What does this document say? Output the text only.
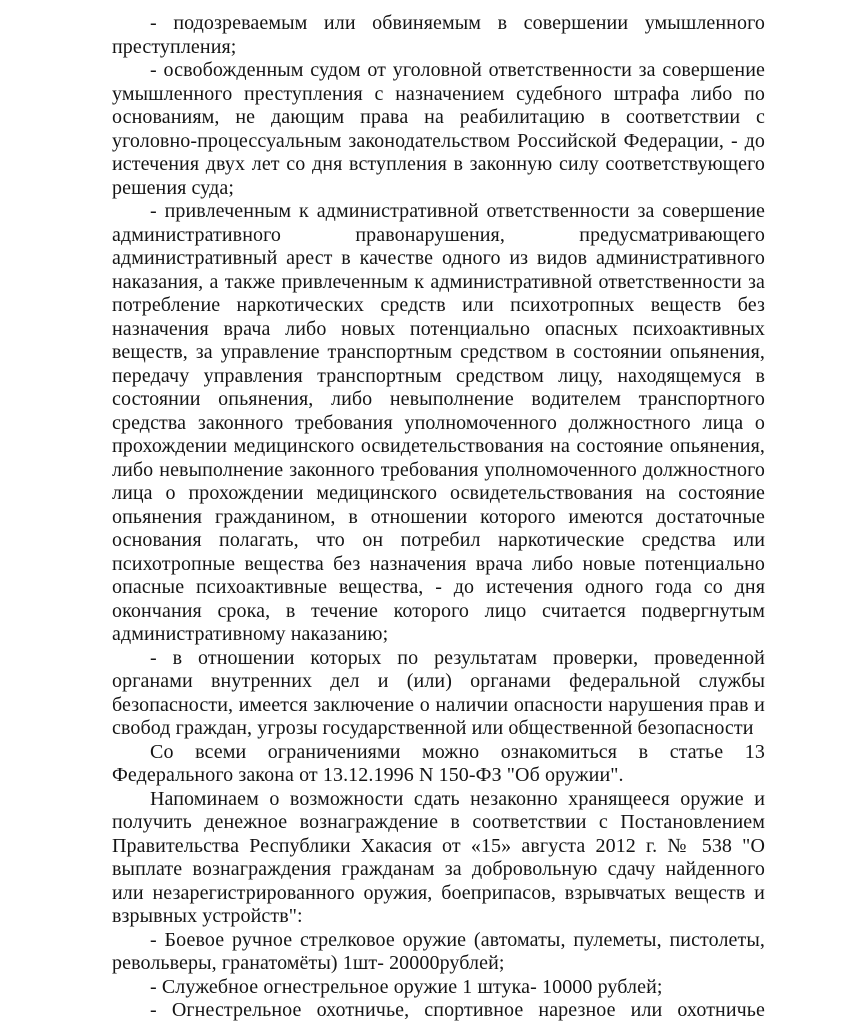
- подозреваемым или обвиняемым в совершении умышленного
преступления;
- освобожденным судом от уголовной ответственности за совершение
умышленного преступления с назначением судебного штрафа либо по
основаниям, не дающим права на реабилитацию в соответствии с
уголовно-процессуальным законодательством Российской Федерации, - до
истечения двух лет со дня вступления в законную силу соответствующего
решения суда;
- привлеченным к административной ответственности за совершение
административного правонарушения, предусматривающего
административный арест в качестве одного из видов административного
наказания, а также привлеченным к административной ответственности за
потребление наркотических средств или психотропных веществ без
назначения врача либо новых потенциально опасных психоактивных
веществ, за управление транспортным средством в состоянии опьянения,
передачу управления транспортным средством лицу, находящемуся в
состоянии опьянения, либо невыполнение водителем транспортного
средства законного требования уполномоченного должностного лица о
прохождении медицинского освидетельствования на состояние опьянения,
либо невыполнение законного требования уполномоченного должностного
лица о прохождении медицинского освидетельствования на состояние
опьянения гражданином, в отношении которого имеются достаточные
основания полагать, что он потребил наркотические средства или
психотропные вещества без назначения врача либо новые потенциально
опасные психоактивные вещества, - до истечения одного года со дня
окончания срока, в течение которого лицо считается подвергнутым
административному наказанию;
- в отношении которых по результатам проверки, проведенной
органами внутренних дел и (или) органами федеральной службы
безопасности, имеется заключение о наличии опасности нарушения прав и
свобод граждан, угрозы государственной или общественной безопасности
Со всеми ограничениями можно ознакомиться в статье 13
Федерального закона от 13.12.1996 N 150-ФЗ "Об оружии".
Напоминаем о возможности сдать незаконно хранящееся оружие и
получить денежное вознаграждение в соответствии с Постановлением
Правительства Республики Хакасия от «15» августа 2012 г. № 538 "О
выплате вознаграждения гражданам за добровольную сдачу найденного
или незарегистрированного оружия, боеприпасов, взрывчатых веществ и
взрывных устройств":
- Боевое ручное стрелковое оружие (автоматы, пулеметы, пистолеты,
револьверы, гранатомёты) 1шт- 20000рублей;
- Служебное огнестрельное оружие 1 штука- 10000 рублей;
- Огнестрельное охотничье, спортивное нарезное или охотничье
